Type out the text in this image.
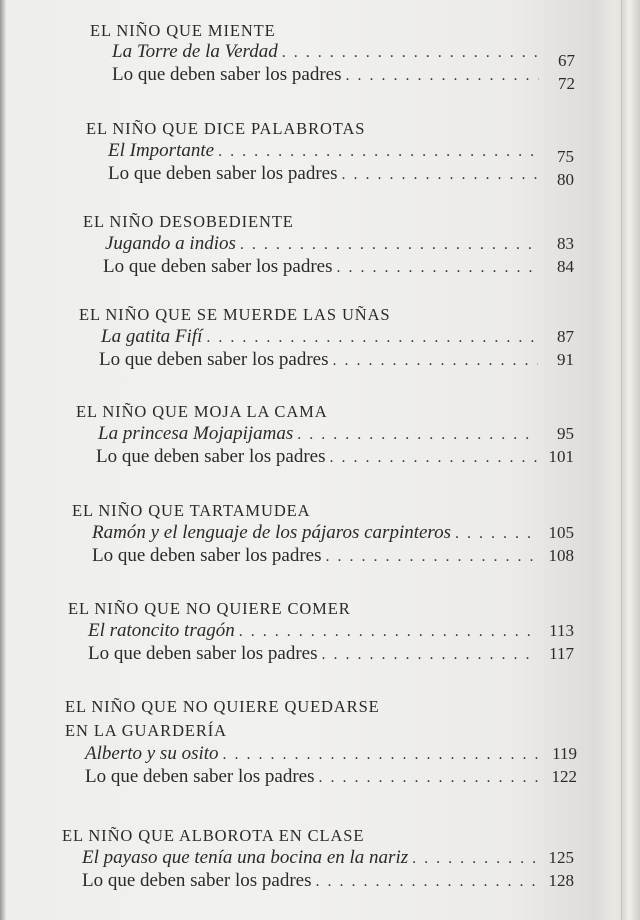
EL NIÑO QUE MIENTE
La Torre de la Verdad . . .	67
Lo que deben saber los padres . . .	72
EL NIÑO QUE DICE PALABROTAS
El Importante . . .	75
Lo que deben saber los padres . . .	80
EL NIÑO DESOBEDIENTE
Jugando a indios . . .	83
Lo que deben saber los padres . . .	84
EL NIÑO QUE SE MUERDE LAS UÑAS
La gatita Fifí . . .	87
Lo que deben saber los padres . . .	91
EL NIÑO QUE MOJA LA CAMA
La princesa Mojapijamas . . .	95
Lo que deben saber los padres . . .	101
EL NIÑO QUE TARTAMUDEA
Ramón y el lenguaje de los pájaros carpinteros . . .	105
Lo que deben saber los padres . . .	108
EL NIÑO QUE NO QUIERE COMER
El ratoncito tragón . . .	113
Lo que deben saber los padres . . .	117
EL NIÑO QUE NO QUIERE QUEDARSE
EN LA GUARDERÍA
Alberto y su osito . . .	119
Lo que deben saber los padres . . .	122
EL NIÑO QUE ALBOROTA EN CLASE
El payaso que tenía una bocina en la nariz . . .	125
Lo que deben saber los padres . . .	128
